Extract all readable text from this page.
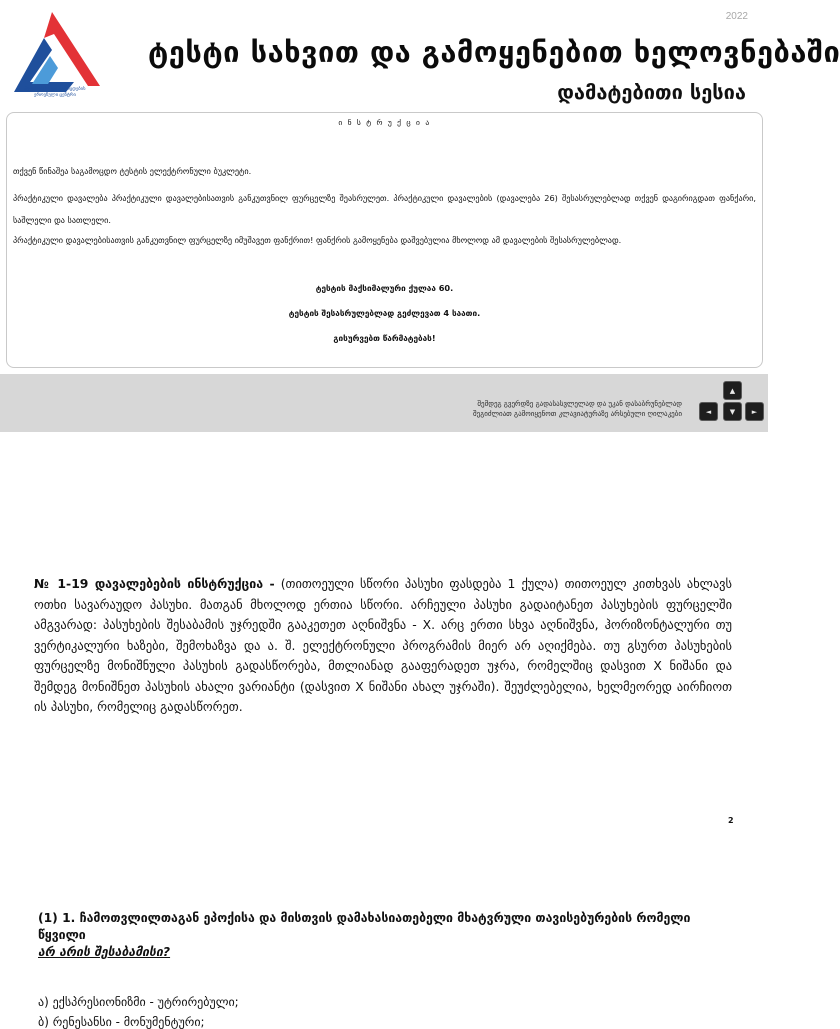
2022
შეფასებისა და გამოცდების
ეროვნული ცენტრი
ტესტი სახვით და გამოყენებით ხელოვნებაში
დამატებითი სესია
ი ნ ს ტ რ უ ქ ც ი ა
თქვენ წინაშეა საგამოცდო ტესტის ელექტრონული ბუკლეტი.
პრაქტიკული დავალება პრაქტიკული დავალებისათვის განკუთვნილ ფურცელზე შეასრულეთ. პრაქტიკული დავალების (დავალება 26) შესასრულებლად თქვენ დაგირიგდათ ფანქარი, საშლელი და სათლელი.
პრაქტიკული დავალებისათვის განკუთვნილ ფურცელზე იმუშავეთ ფანქრით! ფანქრის გამოყენება დაშვებულია მხოლოდ ამ დავალების შესასრულებლად.
ტესტის მაქსიმალური ქულაა 60.
ტესტის შესასრულებლად გეძლევათ 4 საათი.
გისურვებთ წარმატებას!
შემდეგ გვერდზე გადასასვლელად და უკან დასაბრუნებლად
შეგიძლიათ გამოიყენოთ კლავიატურაზე არსებული ღილაკები
▲
◄	▼	►
№ 1-19 დავალებების ინსტრუქცია - (თითოეული სწორი პასუხი ფასდება 1 ქულა) თითოეულ კითხვას ახლავს ოთხი სავარაუდო პასუხი. მათგან მხოლოდ ერთია სწორი. არჩეული პასუხი გადაიტანეთ პასუხების ფურცელში ამგვარად: პასუხების შესაბამის უჯრედში გააკეთეთ აღნიშვნა - X. არც ერთი სხვა აღნიშვნა, ჰორიზონტალური თუ ვერტიკალური ხაზები, შემოხაზვა და ა. შ. ელექტრონული პროგრამის მიერ არ აღიქმება. თუ გსურთ პასუხების ფურცელზე მონიშნული პასუხის გადასწორება, მთლიანად გააფერადეთ უჯრა, რომელშიც დასვით X ნიშანი და შემდეგ მონიშნეთ პასუხის ახალი ვარიანტი (დასვით X ნიშანი ახალ უჯრაში). შეუძლებელია, ხელმეორედ აირჩიოთ ის პასუხი, რომელიც გადასწორეთ.
2
(1) 1. ჩამოთვლილთაგან ეპოქისა და მისთვის დამახასიათებელი მხატვრული თავისებურების რომელი წყვილი
არ არის შესაბამისი?
ა) ექსპრესიონიზმი - უტრირებული;
ბ) რენესანსი - მონუმენტური;
